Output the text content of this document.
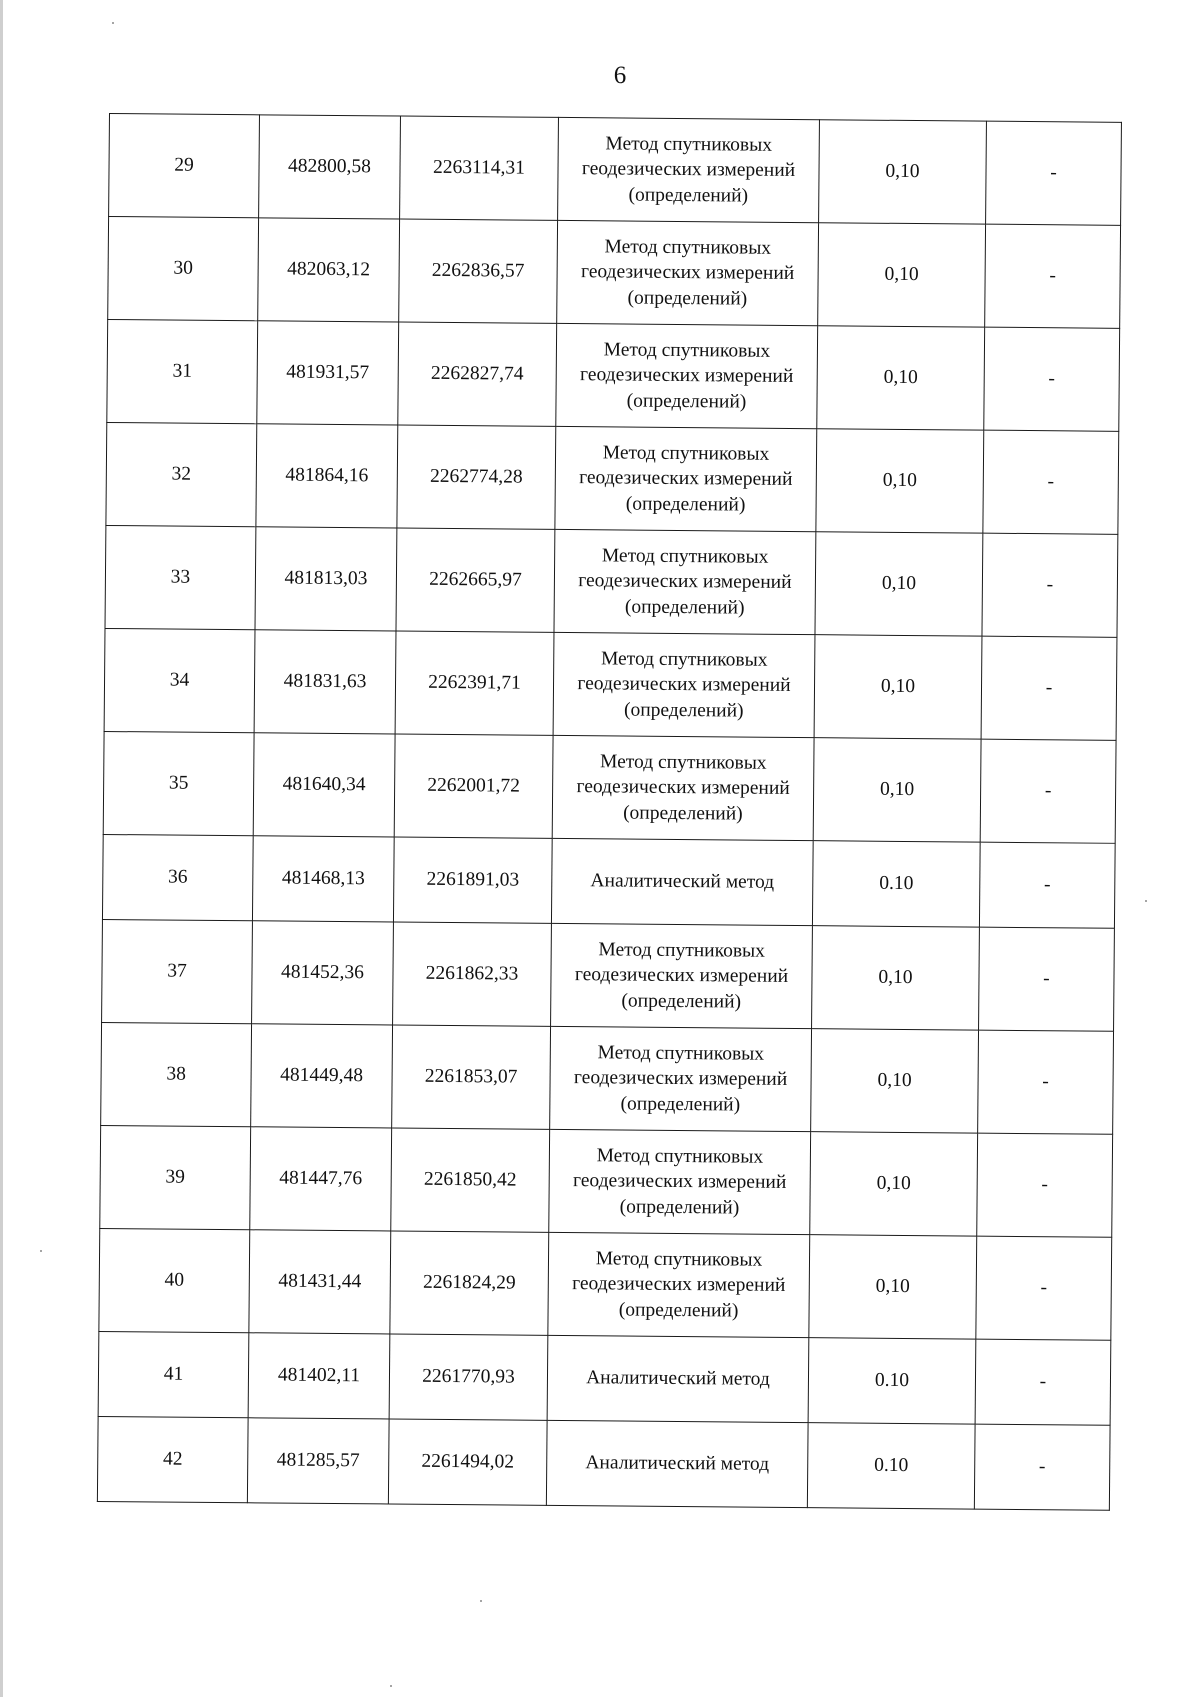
6
29	482800,58	2263114,31	Метод спутниковых геодезических измерений (определений)	0,10	-
30	482063,12	2262836,57	Метод спутниковых геодезических измерений (определений)	0,10	-
31	481931,57	2262827,74	Метод спутниковых геодезических измерений (определений)	0,10	-
32	481864,16	2262774,28	Метод спутниковых геодезических измерений (определений)	0,10	-
33	481813,03	2262665,97	Метод спутниковых геодезических измерений (определений)	0,10	-
34	481831,63	2262391,71	Метод спутниковых геодезических измерений (определений)	0,10	-
35	481640,34	2262001,72	Метод спутниковых геодезических измерений (определений)	0,10	-
36	481468,13	2261891,03	Аналитический метод	0.10	-
37	481452,36	2261862,33	Метод спутниковых геодезических измерений (определений)	0,10	-
38	481449,48	2261853,07	Метод спутниковых геодезических измерений (определений)	0,10	-
39	481447,76	2261850,42	Метод спутниковых геодезических измерений (определений)	0,10	-
40	481431,44	2261824,29	Метод спутниковых геодезических измерений (определений)	0,10	-
41	481402,11	2261770,93	Аналитический метод	0.10	-
42	481285,57	2261494,02	Аналитический метод	0.10	-
